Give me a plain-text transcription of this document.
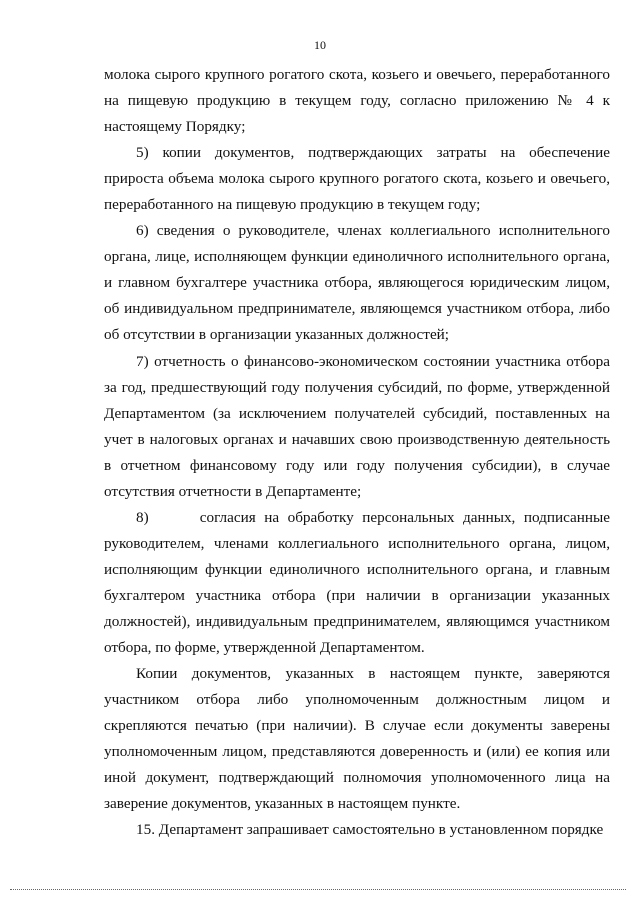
10

молока сырого крупного рогатого скота, козьего и овечьего, переработанного на пищевую продукцию в текущем году, согласно приложению № 4 к настоящему Порядку;

5) копии документов, подтверждающих затраты на обеспечение прироста объема молока сырого крупного рогатого скота, козьего и овечьего, переработанного на пищевую продукцию в текущем году;

6) сведения о руководителе, членах коллегиального исполнительного органа, лице, исполняющем функции единоличного исполнительного органа, и главном бухгалтере участника отбора, являющегося юридическим лицом, об индивидуальном предпринимателе, являющемся участником отбора, либо об отсутствии в организации указанных должностей;

7) отчетность о финансово-экономическом состоянии участника отбора за год, предшествующий году получения субсидий, по форме, утвержденной Департаментом (за исключением получателей субсидий, поставленных на учет в налоговых органах и начавших свою производственную деятельность в отчетном финансовому году или году получения субсидии), в случае отсутствия отчетности в Департаменте;

8)      согласия на обработку персональных данных, подписанные руководителем, членами коллегиального исполнительного органа, лицом, исполняющим функции единоличного исполнительного органа, и главным бухгалтером участника отбора (при наличии в организации указанных должностей), индивидуальным предпринимателем, являющимся участником отбора, по форме, утвержденной Департаментом.

Копии документов, указанных в настоящем пункте, заверяются участником отбора либо уполномоченным должностным лицом и скрепляются печатью (при наличии). В случае если документы заверены уполномоченным лицом, представляются доверенность и (или) ее копия или иной документ, подтверждающий полномочия уполномоченного лица на заверение документов, указанных в настоящем пункте.

15. Департамент запрашивает самостоятельно в установленном порядке
